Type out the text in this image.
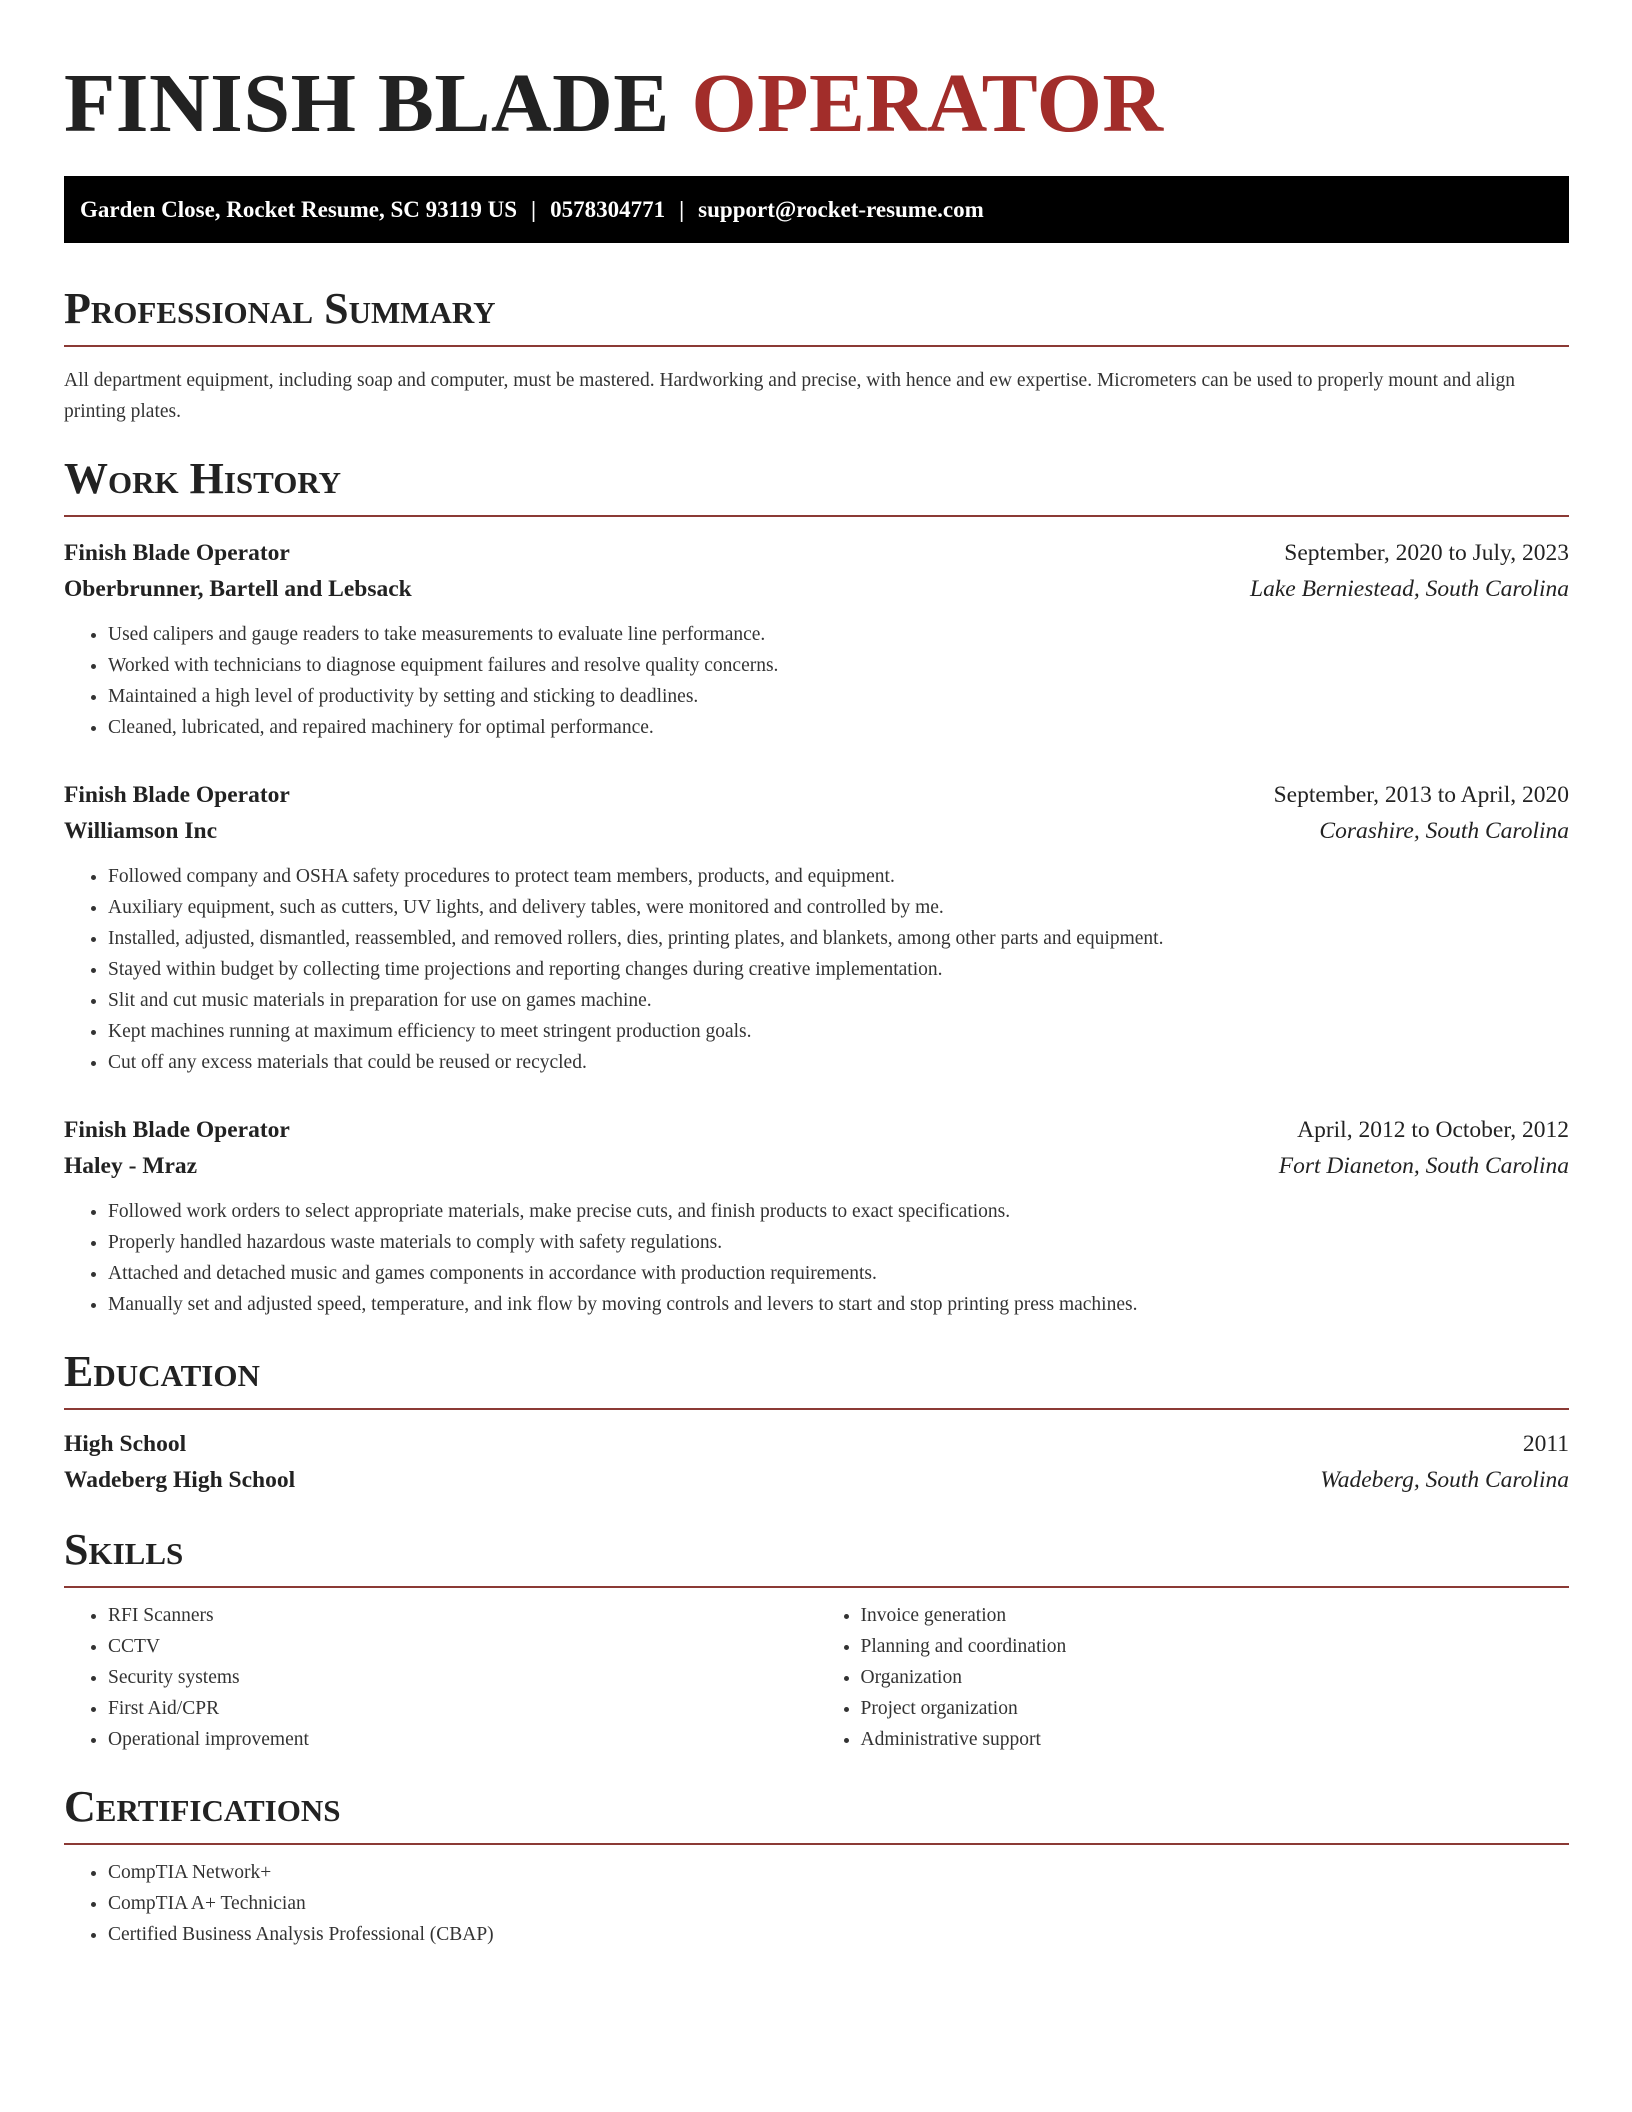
FINISH BLADE OPERATOR
Garden Close, Rocket Resume, SC 93119 US | 0578304771 | support@rocket-resume.com
Professional Summary

All department equipment, including soap and computer, must be mastered. Hardworking and precise, with hence and ew expertise. Micrometers can be used to properly mount and align printing plates.

Work History
Finish Blade Operator	September, 2020 to July, 2023
Oberbrunner, Bartell and Lebsack	Lake Berniestead, South Carolina
• Used calipers and gauge readers to take measurements to evaluate line performance.
• Worked with technicians to diagnose equipment failures and resolve quality concerns.
• Maintained a high level of productivity by setting and sticking to deadlines.
• Cleaned, lubricated, and repaired machinery for optimal performance.
Finish Blade Operator	September, 2013 to April, 2020
Williamson Inc	Corashire, South Carolina
• Followed company and OSHA safety procedures to protect team members, products, and equipment.
• Auxiliary equipment, such as cutters, UV lights, and delivery tables, were monitored and controlled by me.
• Installed, adjusted, dismantled, reassembled, and removed rollers, dies, printing plates, and blankets, among other parts and equipment.
• Stayed within budget by collecting time projections and reporting changes during creative implementation.
• Slit and cut music materials in preparation for use on games machine.
• Kept machines running at maximum efficiency to meet stringent production goals.
• Cut off any excess materials that could be reused or recycled.
Finish Blade Operator	April, 2012 to October, 2012
Haley - Mraz	Fort Dianeton, South Carolina
• Followed work orders to select appropriate materials, make precise cuts, and finish products to exact specifications.
• Properly handled hazardous waste materials to comply with safety regulations.
• Attached and detached music and games components in accordance with production requirements.
• Manually set and adjusted speed, temperature, and ink flow by moving controls and levers to start and stop printing press machines.
Education
High School	2011
Wadeberg High School	Wadeberg, South Carolina
Skills
• RFI Scanners
• CCTV
• Security systems
• First Aid/CPR
• Operational improvement
• Invoice generation
• Planning and coordination
• Organization
• Project organization
• Administrative support
Certifications
• CompTIA Network+
• CompTIA A+ Technician
• Certified Business Analysis Professional (CBAP)
